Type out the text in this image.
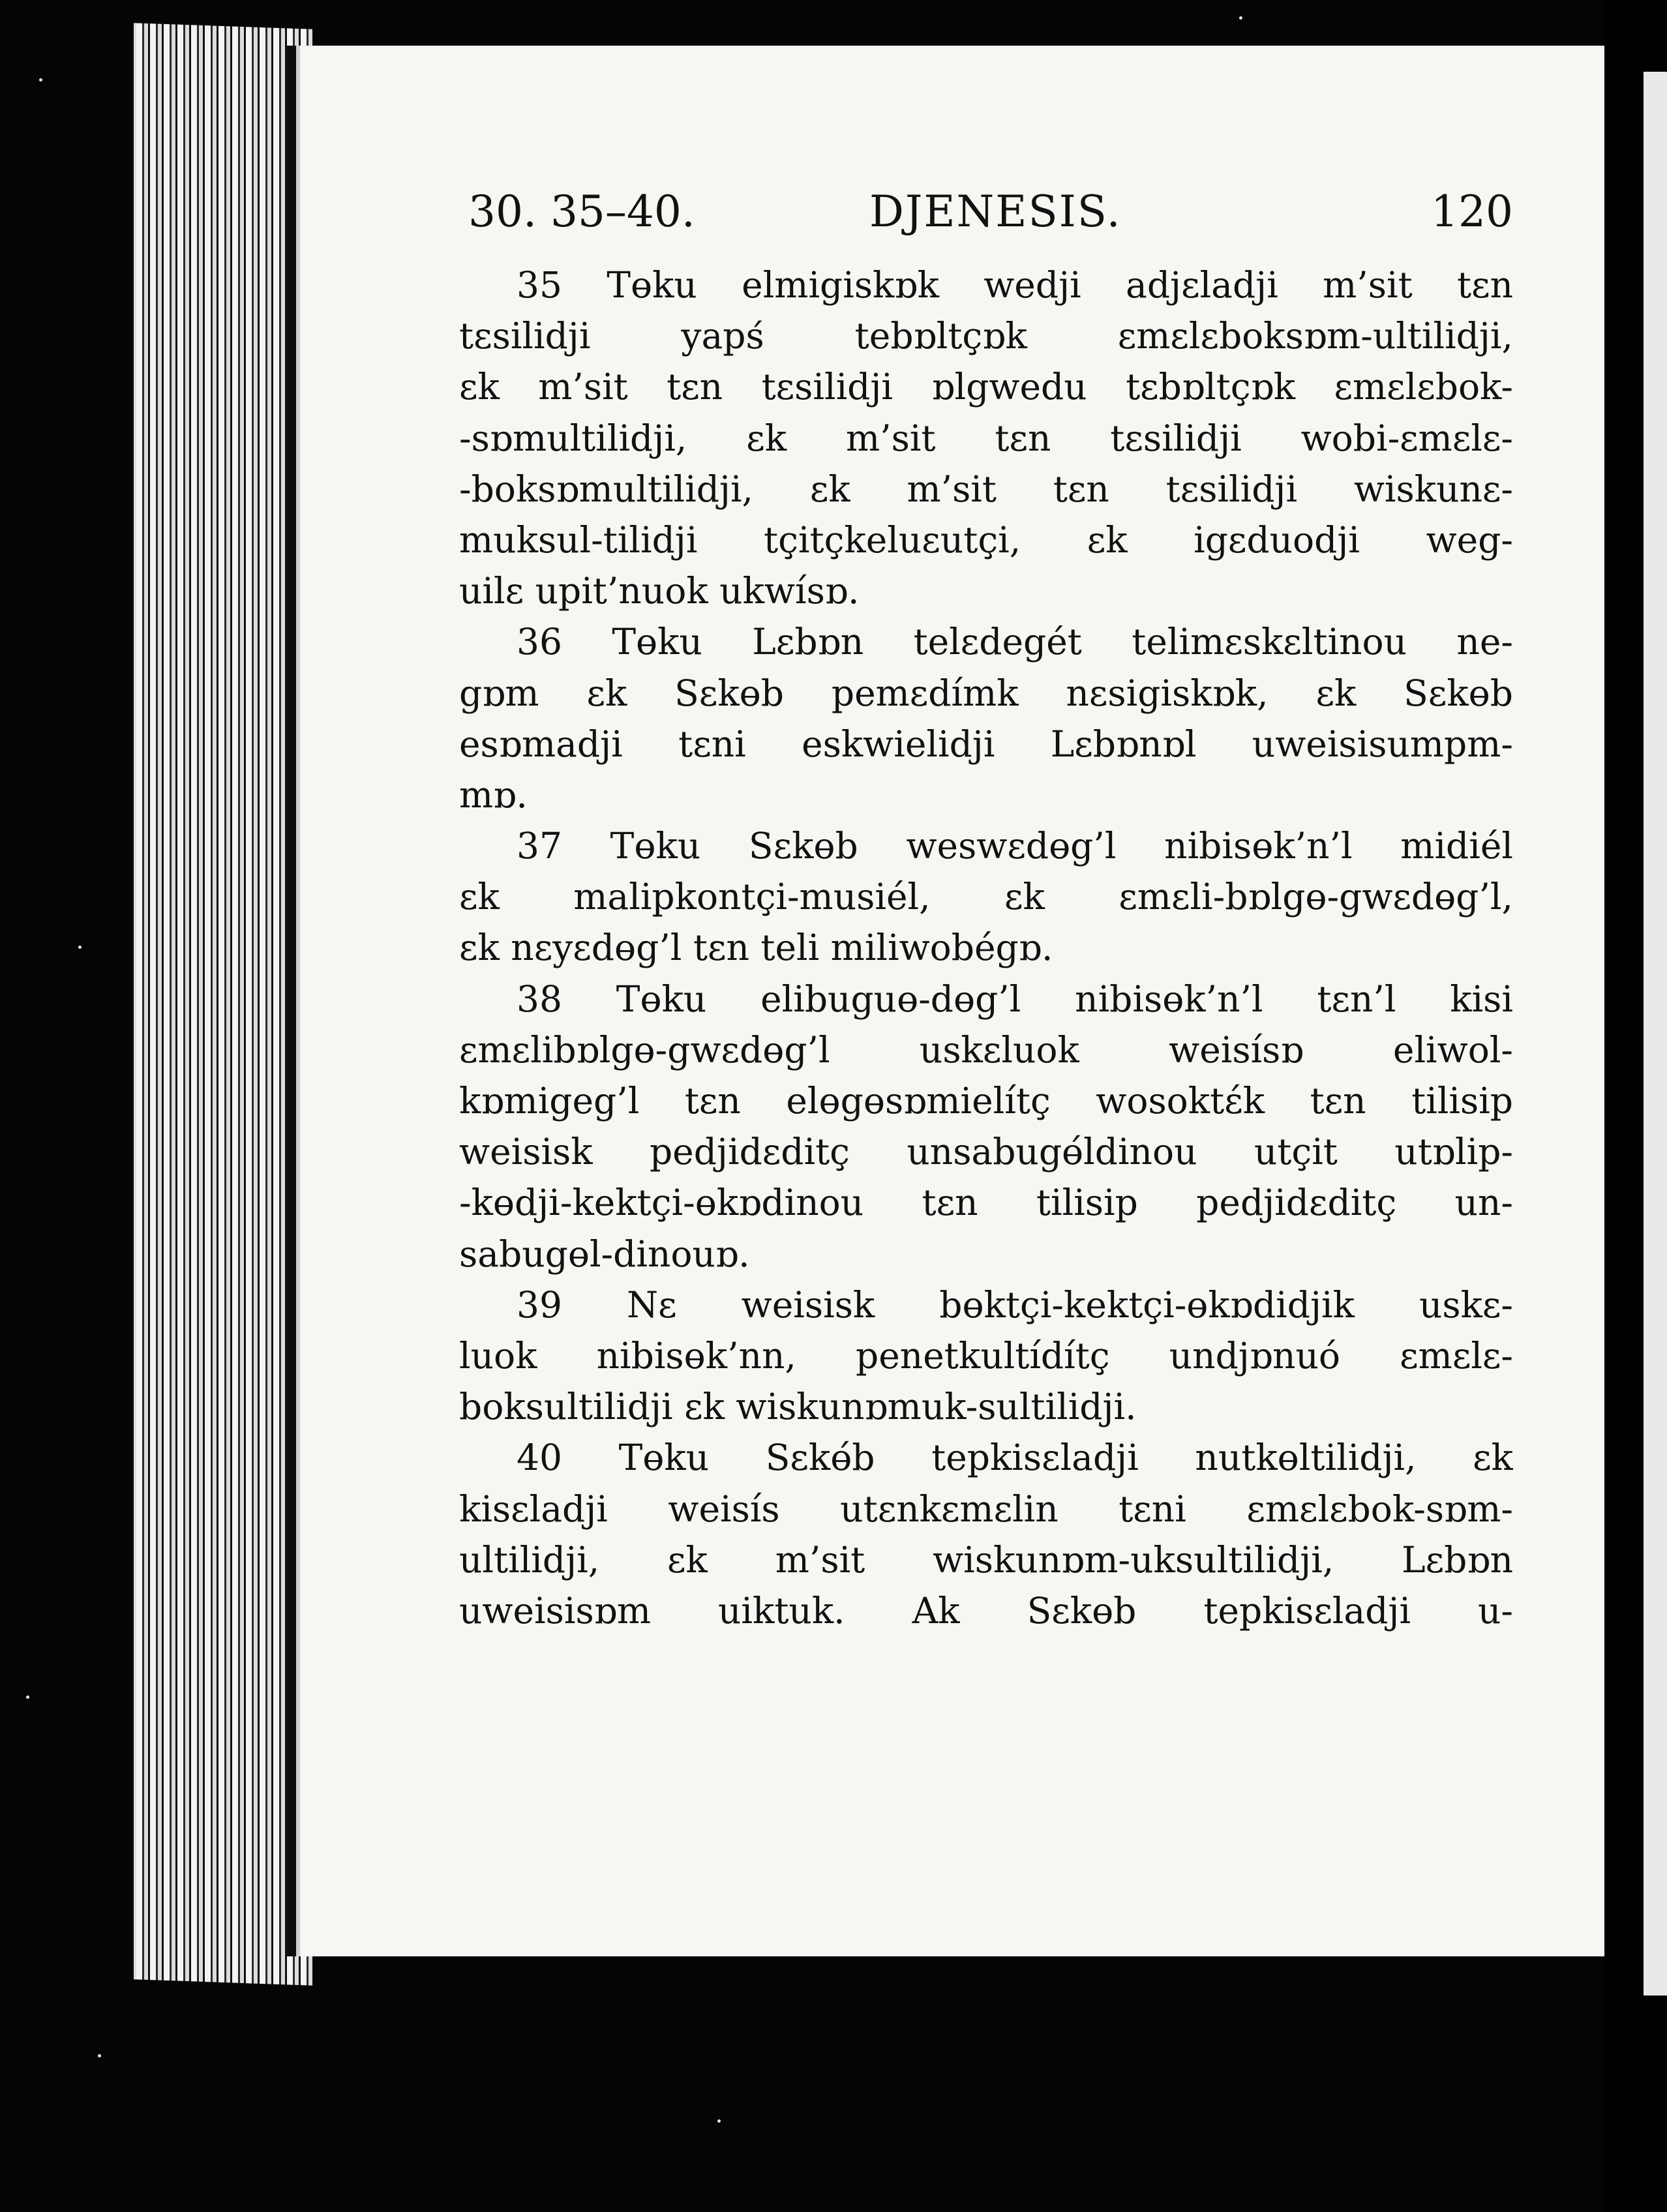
30. 35–40.	DJENESIS.	120
35 Tɵku elmigiskɒk wedji adjɛladji m’sit tɛn
tɛsilidji yapś tebɒltçɒk ɛmɛlɛboksɒm-ultilidji,
ɛk m’sit tɛn tɛsilidji ɒlgwedu tɛbɒltçɒk ɛmɛlɛbok-
-sɒmultilidji, ɛk m’sit tɛn tɛsilidji wobi-ɛmɛlɛ-
-boksɒmultilidji, ɛk m’sit tɛn tɛsilidji wiskunɛ-
muksul-tilidji tçitçkeluɛutçi, ɛk igɛduodji weg-
uilɛ upit’nuok ukwísɒ.
36 Tɵku Lɛbɒn telɛdegét telimɛskɛltinou ne-
gɒm ɛk Sɛkɵb pemɛdímk nɛsigiskɒk, ɛk Sɛkɵb
esɒmadji tɛni eskwielidji Lɛbɒnɒl uweisisumpm-
mɒ.
37 Tɵku Sɛkɵb weswɛdɵg’l nibisɵk’n’l midiél
ɛk malipkontçi-musiél, ɛk ɛmɛli-bɒlgɵ-gwɛdɵg’l,
ɛk nɛyɛdɵg’l tɛn teli miliwobégɒ.
38 Tɵku elibuguɵ-dɵg’l nibisɵk’n’l tɛn’l kisi
ɛmɛlibɒlgɵ-gwɛdɵg’l uskɛluok weisísɒ eliwol-
kɒmigeg’l tɛn elɵgɵsɒmielítç wosoktɛ́k tɛn tilisip
weisisk pedjidɛditç unsabugɵ́ldinou utçit utɒlip-
-kɵdji-kektçi-ɵkɒdinou tɛn tilisip pedjidɛditç un-
sabugɵl-dinouɒ.
39 Nɛ weisisk bɵktçi-kektçi-ɵkɒdidjik uskɛ-
luok nibisɵk’nn, penetkultídítç undjɒnuó ɛmɛlɛ-
boksultilidji ɛk wiskunɒmuk-sultilidji.
40 Tɵku Sɛkɵ́b tepkisɛladji nutkɵltilidji, ɛk
kisɛladji weisís utɛnkɛmɛlin tɛni ɛmɛlɛbok-sɒm-
ultilidji, ɛk m’sit wiskunɒm-uksultilidji, Lɛbɒn
uweisisɒm uiktuk. Ak Sɛkɵb tepkisɛladji u-
